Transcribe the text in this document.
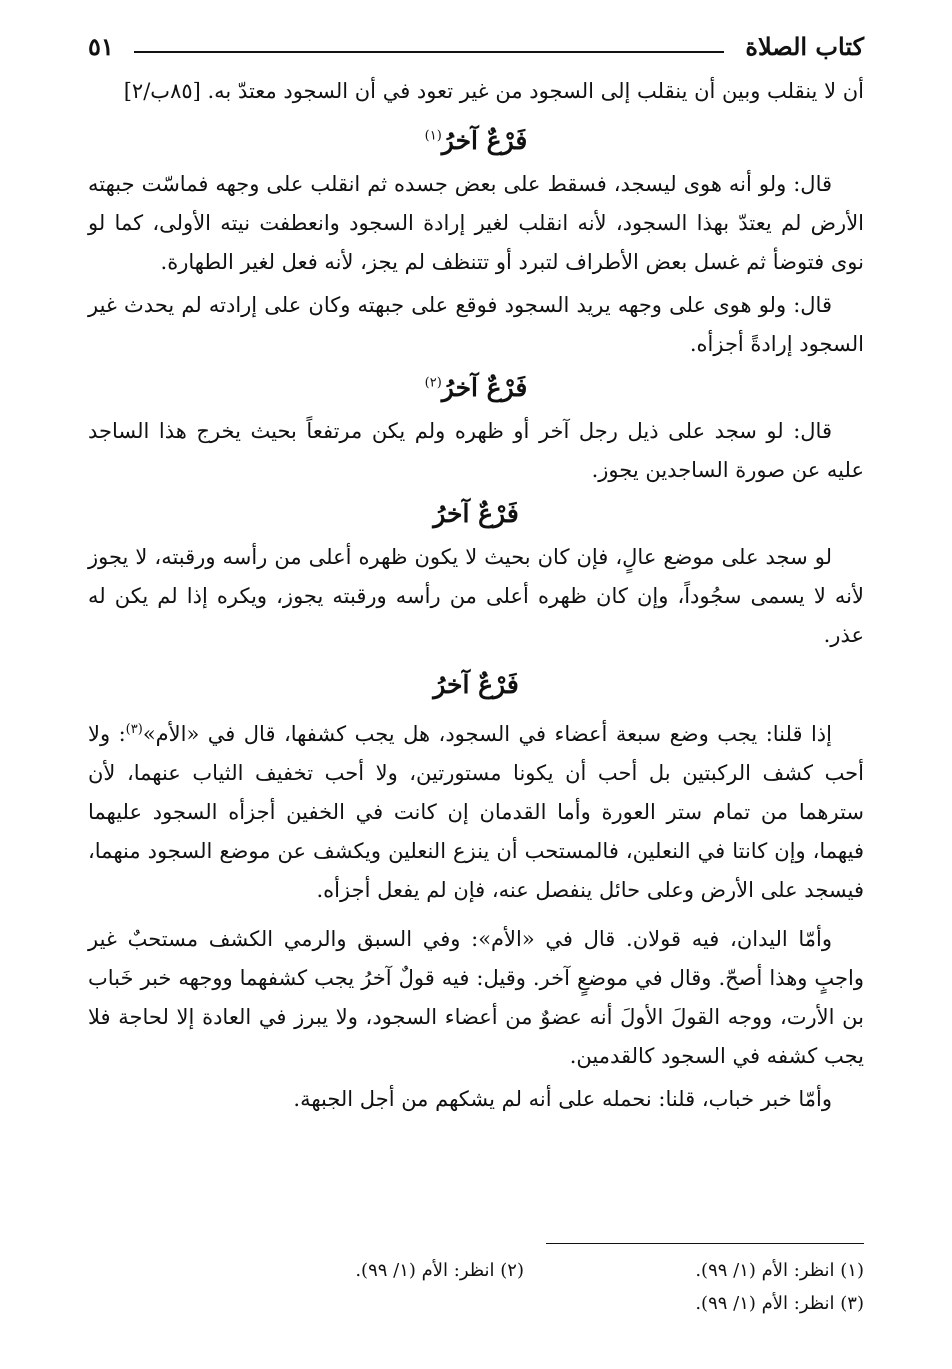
٥١	كتاب الصلاة

أن لا ينقلب وبين أن ينقلب إلى السجود من غير تعود في أن السجود معتدّ به. [٨٥ب/٢]

فَرْعٌ آخرُ$^{(١)}$

قال: ولو أنه هوى ليسجد، فسقط على بعض جسده ثم انقلب على وجهه فماسّت جبهته الأرض لم يعتدّ بهذا السجود، لأنه انقلب لغير إرادة السجود وانعطفت نيته الأولى، كما لو نوى فتوضأ ثم غسل بعض الأطراف لتبرد أو تتنظف لم يجز، لأنه فعل لغير الطهارة.

قال: ولو هوى على وجهه يريد السجود فوقع على جبهته وكان على إرادته لم يحدث غير السجود إرادةً أجزأه.

فَرْعٌ آخرُ$^{(٢)}$

قال: لو سجد على ذيل رجل آخر أو ظهره ولم يكن مرتفعاً بحيث يخرج هذا الساجد عليه عن صورة الساجدين يجوز.

فَرْعٌ آخرُ

لو سجد على موضع عالٍ، فإن كان بحيث لا يكون ظهره أعلى من رأسه ورقبته، لا يجوز لأنه لا يسمى سجُوداً، وإن كان ظهره أعلى من رأسه ورقبته يجوز، ويكره إذا لم يكن له عذر.

فَرْعٌ آخرُ

إذا قلنا: يجب وضع سبعة أعضاء في السجود، هل يجب كشفها، قال في «الأم»$^{(٣)}$: ولا أحب كشف الركبتين بل أحب أن يكونا مستورتين، ولا أحب تخفيف الثياب عنهما، لأن سترهما من تمام ستر العورة وأما القدمان إن كانت في الخفين أجزأه السجود عليهما فيهما، وإن كانتا في النعلين، فالمستحب أن ينزع النعلين ويكشف عن موضع السجود منهما، فيسجد على الأرض وعلى حائل ينفصل عنه، فإن لم يفعل أجزأه.

وأمّا اليدان، فيه قولان. قال في «الأم»: وفي السبق والرمي الكشف مستحبٌ غير واجبٍ وهذا أصحّ. وقال في موضعٍ آخر. وقيل: فيه قولٌ آخرُ يجب كشفهما ووجهه خبر خَباب بن الأرت، ووجه القولَ الأولَ أنه عضوٌ من أعضاء السجود، ولا يبرز في العادة إلا لحاجة فلا يجب كشفه في السجود كالقدمين.

وأمّا خبر خباب، قلنا: نحمله على أنه لم يشكهم من أجل الجبهة.

(١) انظر: الأم (١/ ٩٩).
(٢) انظر: الأم (١/ ٩٩).
(٣) انظر: الأم (١/ ٩٩).
